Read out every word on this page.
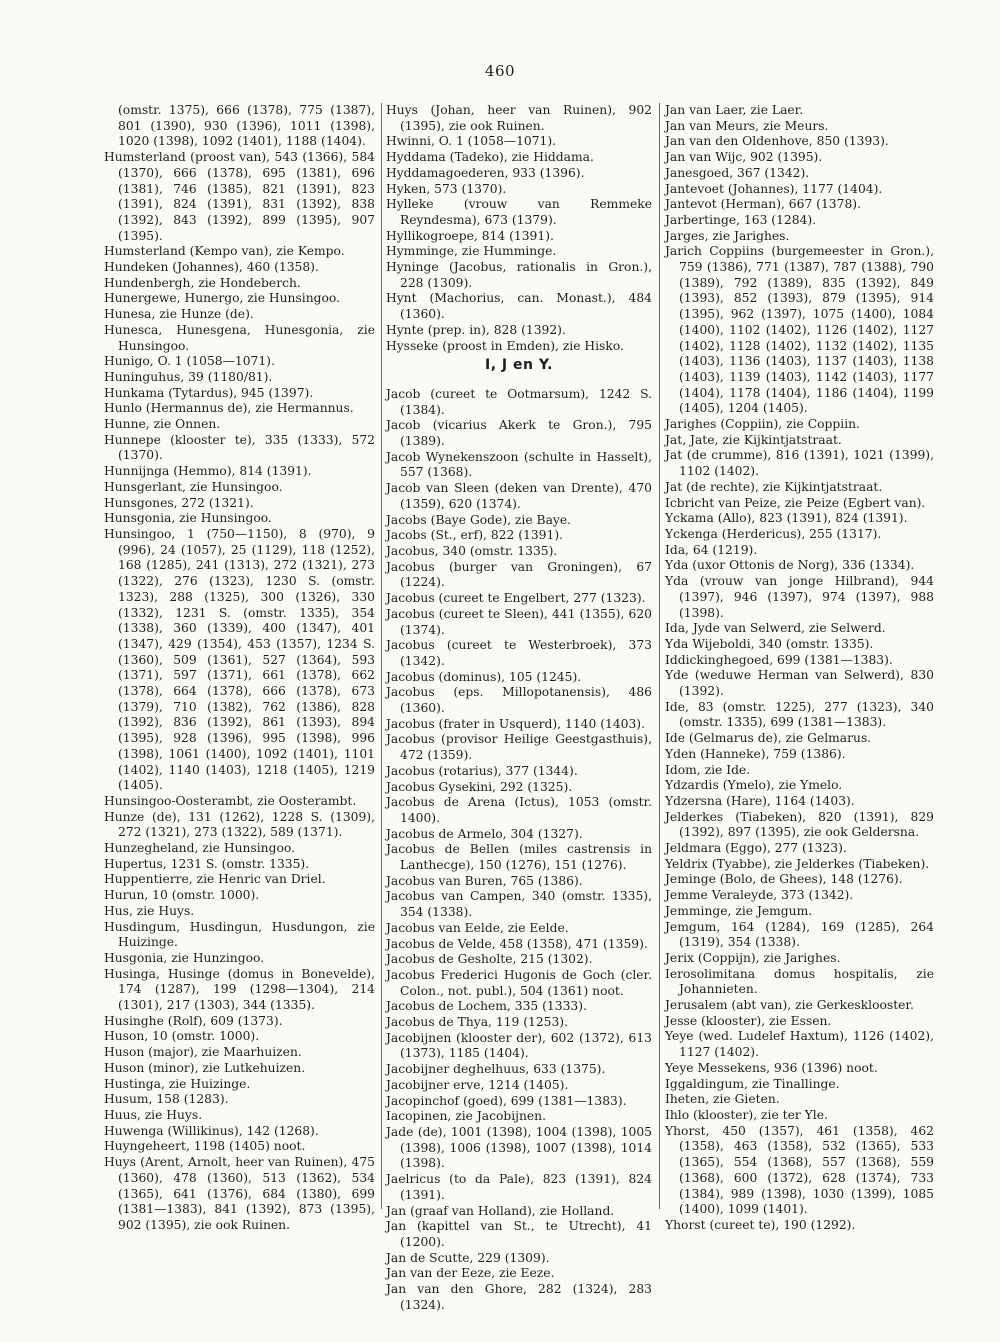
460

(omstr. 1375), 666 (1378), 775 (1387), 801 (1390), 930 (1396), 1011 (1398), 1020 (1398), 1092 (1401), 1188 (1404).

Humsterland (proost van), 543 (1366), 584 (1370), 666 (1378), 695 (1381), 696 (1381), 746 (1385), 821 (1391), 823 (1391), 824 (1391), 831 (1392), 838 (1392), 843 (1392), 899 (1395), 907 (1395).

Humsterland (Kempo van), zie Kempo.

Hundeken (Johannes), 460 (1358).

Hundenbergh, zie Hondeberch.

Hunergewe, Hunergo, zie Hunsingoo.

Hunesa, zie Hunze (de).

Hunesca, Hunesgena, Hunesgonia, zie Hunsingoo.

Hunigo, O. 1 (1058—1071).

Huninguhus, 39 (1180/81).

Hunkama (Tytardus), 945 (1397).

Hunlo (Hermannus de), zie Hermannus.

Hunne, zie Onnen.

Hunnepe (klooster te), 335 (1333), 572 (1370).

Hunnijnga (Hemmo), 814 (1391).

Hunsgerlant, zie Hunsingoo.

Hunsgones, 272 (1321).

Hunsgonia, zie Hunsingoo.

Hunsingoo, 1 (750—1150), 8 (970), 9 (996), 24 (1057), 25 (1129), 118 (1252), 168 (1285), 241 (1313), 272 (1321), 273 (1322), 276 (1323), 1230 S. (omstr. 1323), 288 (1325), 300 (1326), 330 (1332), 1231 S. (omstr. 1335), 354 (1338), 360 (1339), 400 (1347), 401 (1347), 429 (1354), 453 (1357), 1234 S. (1360), 509 (1361), 527 (1364), 593 (1371), 597 (1371), 661 (1378), 662 (1378), 664 (1378), 666 (1378), 673 (1379), 710 (1382), 762 (1386), 828 (1392), 836 (1392), 861 (1393), 894 (1395), 928 (1396), 995 (1398), 996 (1398), 1061 (1400), 1092 (1401), 1101 (1402), 1140 (1403), 1218 (1405), 1219 (1405).

Hunsingoo-Oosterambt, zie Oosterambt.

Hunze (de), 131 (1262), 1228 S. (1309), 272 (1321), 273 (1322), 589 (1371).

Hunzegheland, zie Hunsingoo.

Hupertus, 1231 S. (omstr. 1335).

Huppentierre, zie Henric van Driel.

Hurun, 10 (omstr. 1000).

Hus, zie Huys.

Husdingum, Husdingun, Husdungon, zie Huizinge.

Husgonia, zie Hunzingoo.

Husinga, Husinge (domus in Bonevelde), 174 (1287), 199 (1298—1304), 214 (1301), 217 (1303), 344 (1335).

Husinghe (Rolf), 609 (1373).

Huson, 10 (omstr. 1000).

Huson (major), zie Maarhuizen.

Huson (minor), zie Lutkehuizen.

Hustinga, zie Huizinge.

Husum, 158 (1283).

Huus, zie Huys.

Huwenga (Willikinus), 142 (1268).

Huyngeheert, 1198 (1405) noot.

Huys (Arent, Arnolt, heer van Ruinen), 475 (1360), 478 (1360), 513 (1362), 534 (1365), 641 (1376), 684 (1380), 699 (1381—1383), 841 (1392), 873 (1395), 902 (1395), zie ook Ruinen.

Huys (Johan, heer van Ruinen), 902 (1395), zie ook Ruinen.

Hwinni, O. 1 (1058—1071).

Hyddama (Tadeko), zie Hiddama.

Hyddamagoederen, 933 (1396).

Hyken, 573 (1370).

Hylleke (vrouw van Remmeke Reyndesma), 673 (1379).

Hyllikogroepe, 814 (1391).

Hymminge, zie Humminge.

Hyninge (Jacobus, rationalis in Gron.), 228 (1309).

Hynt (Machorius, can. Monast.), 484 (1360).

Hynte (prep. in), 828 (1392).

Hysseke (proost in Emden), zie Hisko.

I, J en Y.

Jacob (cureet te Ootmarsum), 1242 S. (1384).

Jacob (vicarius Akerk te Gron.), 795 (1389).

Jacob Wynekenszoon (schulte in Hasselt), 557 (1368).

Jacob van Sleen (deken van Drente), 470 (1359), 620 (1374).

Jacobs (Baye Gode), zie Baye.

Jacobs (St., erf), 822 (1391).

Jacobus, 340 (omstr. 1335).

Jacobus (burger van Groningen), 67 (1224).

Jacobus (cureet te Engelbert, 277 (1323).

Jacobus (cureet te Sleen), 441 (1355), 620 (1374).

Jacobus (cureet te Westerbroek), 373 (1342).

Jacobus (dominus), 105 (1245).

Jacobus (eps. Millopotanensis), 486 (1360).

Jacobus (frater in Usquerd), 1140 (1403).

Jacobus (provisor Heilige Geestgasthuis), 472 (1359).

Jacobus (rotarius), 377 (1344).

Jacobus Gysekini, 292 (1325).

Jacobus de Arena (Ictus), 1053 (omstr. 1400).

Jacobus de Armelo, 304 (1327).

Jacobus de Bellen (miles castrensis in Lanthecge), 150 (1276), 151 (1276).

Jacobus van Buren, 765 (1386).

Jacobus van Campen, 340 (omstr. 1335), 354 (1338).

Jacobus van Eelde, zie Eelde.

Jacobus de Velde, 458 (1358), 471 (1359).

Jacobus de Gesholte, 215 (1302).

Jacobus Frederici Hugonis de Goch (cler. Colon., not. publ.), 504 (1361) noot.

Jacobus de Lochem, 335 (1333).

Jacobus de Thya, 119 (1253).

Jacobijnen (klooster der), 602 (1372), 613 (1373), 1185 (1404).

Jacobijner deghelhuus, 633 (1375).

Jacobijner erve, 1214 (1405).

Jacopinchof (goed), 699 (1381—1383).

Iacopinen, zie Jacobijnen.

Jade (de), 1001 (1398), 1004 (1398), 1005 (1398), 1006 (1398), 1007 (1398), 1014 (1398).

Jaelricus (to da Pale), 823 (1391), 824 (1391).

Jan (graaf van Holland), zie Holland.

Jan (kapittel van St., te Utrecht), 41 (1200).

Jan de Scutte, 229 (1309).

Jan van der Eeze, zie Eeze.

Jan van den Ghore, 282 (1324), 283 (1324).

Jan van Laer, zie Laer.

Jan van Meurs, zie Meurs.

Jan van den Oldenhove, 850 (1393).

Jan van Wijc, 902 (1395).

Janesgoed, 367 (1342).

Jantevoet (Johannes), 1177 (1404).

Jantevot (Herman), 667 (1378).

Jarbertinge, 163 (1284).

Jarges, zie Jarighes.

Jarich Coppiins (burgemeester in Gron.), 759 (1386), 771 (1387), 787 (1388), 790 (1389), 792 (1389), 835 (1392), 849 (1393), 852 (1393), 879 (1395), 914 (1395), 962 (1397), 1075 (1400), 1084 (1400), 1102 (1402), 1126 (1402), 1127 (1402), 1128 (1402), 1132 (1402), 1135 (1403), 1136 (1403), 1137 (1403), 1138 (1403), 1139 (1403), 1142 (1403), 1177 (1404), 1178 (1404), 1186 (1404), 1199 (1405), 1204 (1405).

Jarighes (Coppiin), zie Coppiin.

Jat, Jate, zie Kijkintjatstraat.

Jat (de crumme), 816 (1391), 1021 (1399), 1102 (1402).

Jat (de rechte), zie Kijkintjatstraat.

Icbricht van Peize, zie Peize (Egbert van).

Yckama (Allo), 823 (1391), 824 (1391).

Yckenga (Herdericus), 255 (1317).

Ida, 64 (1219).

Yda (uxor Ottonis de Norg), 336 (1334).

Yda (vrouw van jonge Hilbrand), 944 (1397), 946 (1397), 974 (1397), 988 (1398).

Ida, Jyde van Selwerd, zie Selwerd.

Yda Wijeboldi, 340 (omstr. 1335).

Iddickinghegoed, 699 (1381—1383).

Yde (weduwe Herman van Selwerd), 830 (1392).

Ide, 83 (omstr. 1225), 277 (1323), 340 (omstr. 1335), 699 (1381—1383).

Ide (Gelmarus de), zie Gelmarus.

Yden (Hanneke), 759 (1386).

Idom, zie Ide.

Ydzardis (Ymelo), zie Ymelo.

Ydzersna (Hare), 1164 (1403).

Jelderkes (Tiabeken), 820 (1391), 829 (1392), 897 (1395), zie ook Geldersna.

Jeldmara (Eggo), 277 (1323).

Yeldrix (Tyabbe), zie Jelderkes (Tiabeken).

Jeminge (Bolo, de Ghees), 148 (1276).

Jemme Veraleyde, 373 (1342).

Jemminge, zie Jemgum.

Jemgum, 164 (1284), 169 (1285), 264 (1319), 354 (1338).

Jerix (Coppijn), zie Jarighes.

Ierosolimitana domus hospitalis, zie Johannieten.

Jerusalem (abt van), zie Gerkesklooster.

Jesse (klooster), zie Essen.

Yeye (wed. Ludelef Haxtum), 1126 (1402), 1127 (1402).

Yeye Messekens, 936 (1396) noot.

Iggaldingum, zie Tinallinge.

Iheten, zie Gieten.

Ihlo (klooster), zie ter Yle.

Yhorst, 450 (1357), 461 (1358), 462 (1358), 463 (1358), 532 (1365), 533 (1365), 554 (1368), 557 (1368), 559 (1368), 600 (1372), 628 (1374), 733 (1384), 989 (1398), 1030 (1399), 1085 (1400), 1099 (1401).

Yhorst (cureet te), 190 (1292).
